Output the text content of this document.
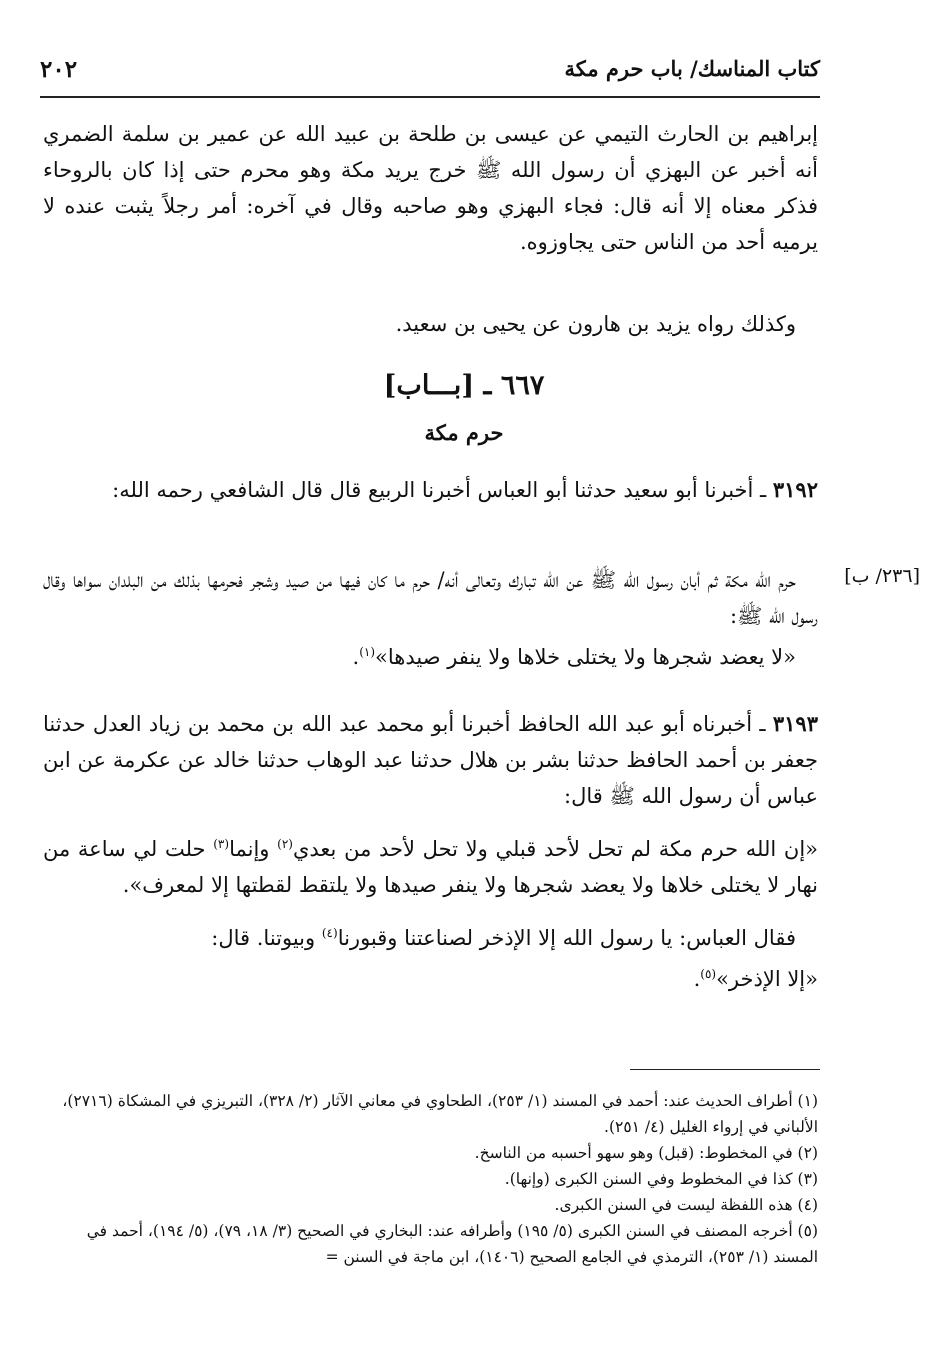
كتاب المناسك/ باب حرم مكة
٢٠٢

إبراهيم بن الحارث التيمي عن عيسى بن طلحة بن عبيد الله عن عمير بن سلمة الضمري أنه أخبر عن البهزي أن رسول الله ﷺ خرج يريد مكة وهو محرم حتى إذا كان بالروحاء فذكر معناه إلا أنه قال: فجاء البهزي وهو صاحبه وقال في آخره: أمر رجلاً يثبت عنده لا يرميه أحد من الناس حتى يجاوزوه.

وكذلك رواه يزيد بن هارون عن يحيى بن سعيد.

٦٦٧ ـ [بـــاب]
حرم مكة

٣١٩٢ ـ أخبرنا أبو سعيد حدثنا أبو العباس أخبرنا الربيع قال قال الشافعي رحمه الله:

[٢٣٦/ ب]

حرم الله مكة ثم أبان رسول الله ﷺ عن الله تبارك وتعالى أنه/ حرم ما كان فيها من صيد وشجر فحرمها بذلك من البلدان سواها وقال رسول الله ﷺ:

«لا يعضد شجرها ولا يختلى خلاها ولا ينفر صيدها»$^{(١)}$.

٣١٩٣ ـ أخبرناه أبو عبد الله الحافظ أخبرنا أبو محمد عبد الله بن محمد بن زياد العدل حدثنا جعفر بن أحمد الحافظ حدثنا بشر بن هلال حدثنا عبد الوهاب حدثنا خالد عن عكرمة عن ابن عباس أن رسول الله ﷺ قال:

«إن الله حرم مكة لم تحل لأحد قبلي ولا تحل لأحد من بعدي$^{(٢)}$ وإنما$^{(٣)}$ حلت لي ساعة من نهار لا يختلى خلاها ولا يعضد شجرها ولا ينفر صيدها ولا يلتقط لقطتها إلا لمعرف».

فقال العباس: يا رسول الله إلا الإذخر لصناعتنا وقبورنا$^{(٤)}$ وبيوتنا. قال:

«إلا الإذخر»$^{(٥)}$.

(١) أطراف الحديث عند: أحمد في المسند (١/ ٢٥٣)، الطحاوي في معاني الآثار (٢/ ٣٢٨)، التبريزي في المشكاة (٢٧١٦)، الألباني في إرواء الغليل (٤/ ٢٥١).

(٢) في المخطوط: (قبل) وهو سهو أحسبه من الناسخ.

(٣) كذا في المخطوط وفي السنن الكبرى (وإنها).

(٤) هذه اللفظة ليست في السنن الكبرى.

(٥) أخرجه المصنف في السنن الكبرى (٥/ ١٩٥) وأطرافه عند: البخاري في الصحيح (٣/ ١٨، ٧٩)، (٥/ ١٩٤)، أحمد في المسند (١/ ٢٥٣)، الترمذي في الجامع الصحيح (١٤٠٦)، ابن ماجة في السنن =
